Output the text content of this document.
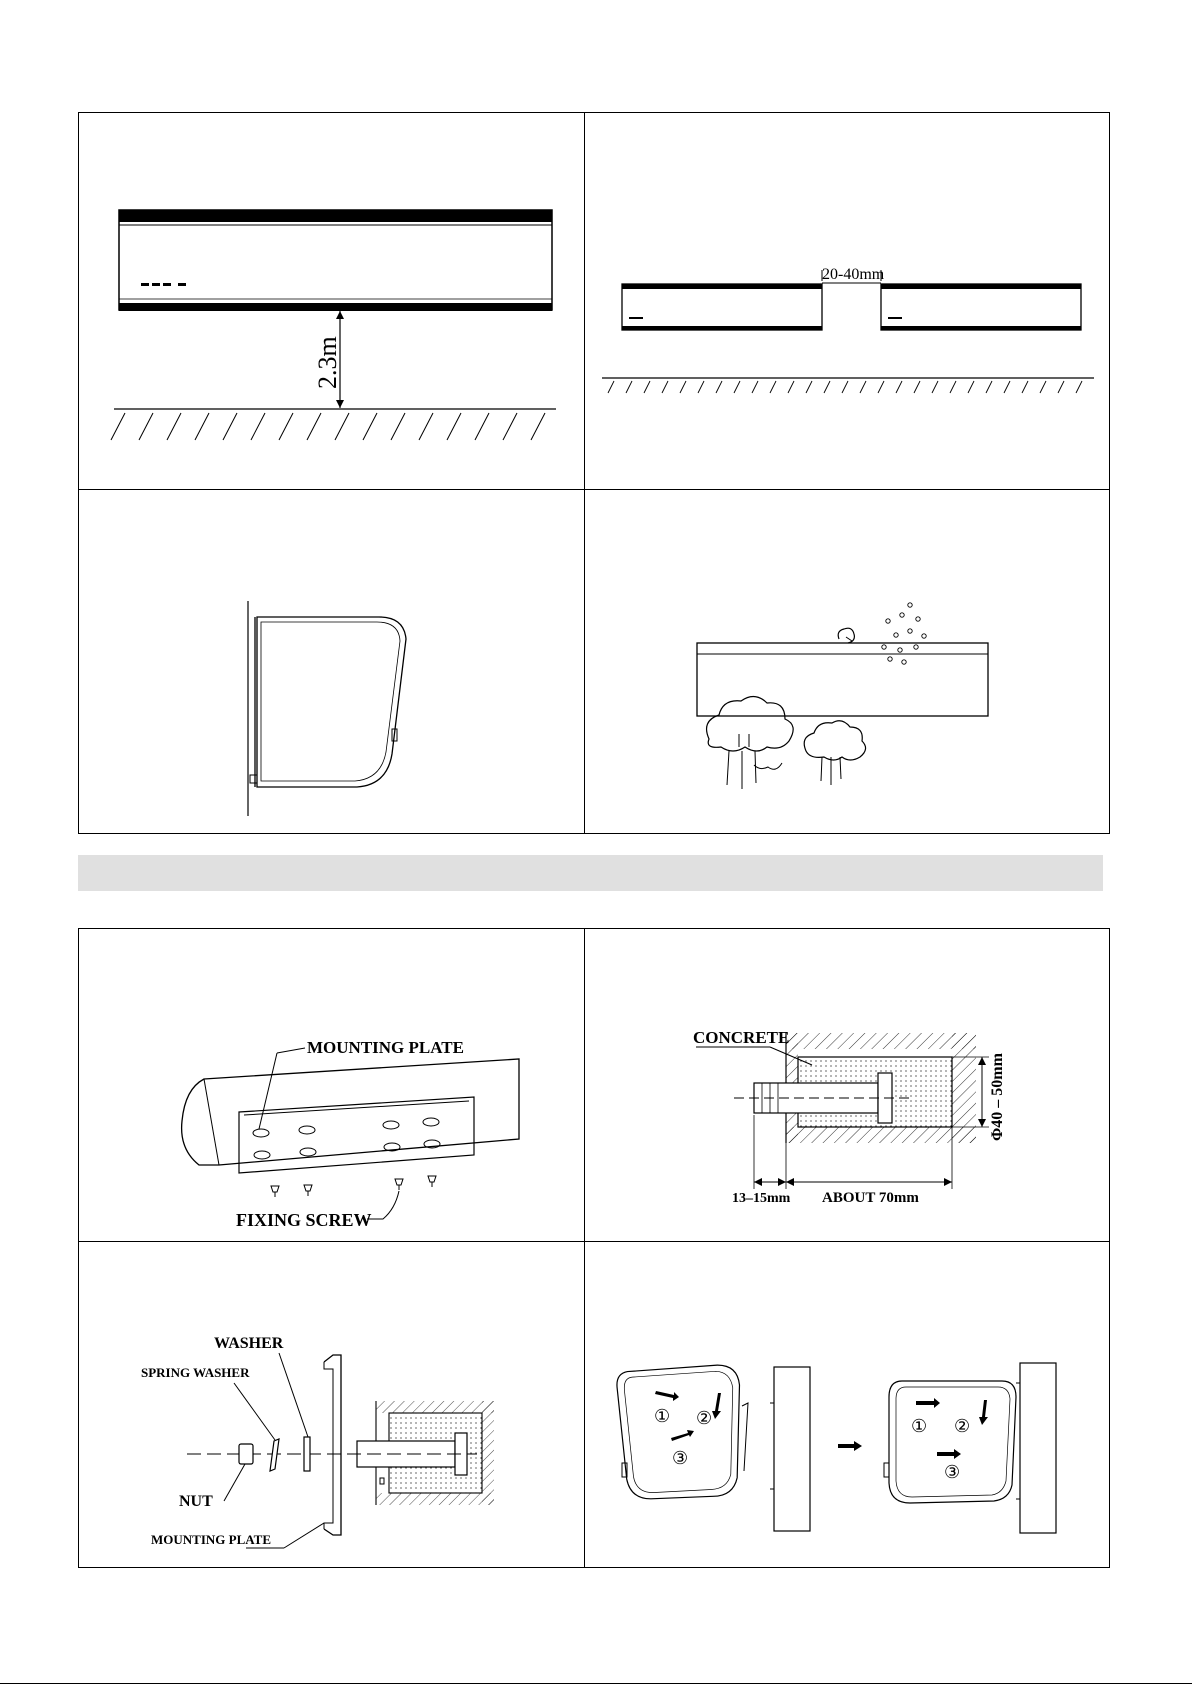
2.3m
20-40mm
MOUNTING PLATE
FIXING SCREW
CONCRETE
Φ40 – 50mm
13–15mm ABOUT 70mm
WASHER
SPRING WASHER
NUT
MOUNTING PLATE
① ②
③
① ②
③
